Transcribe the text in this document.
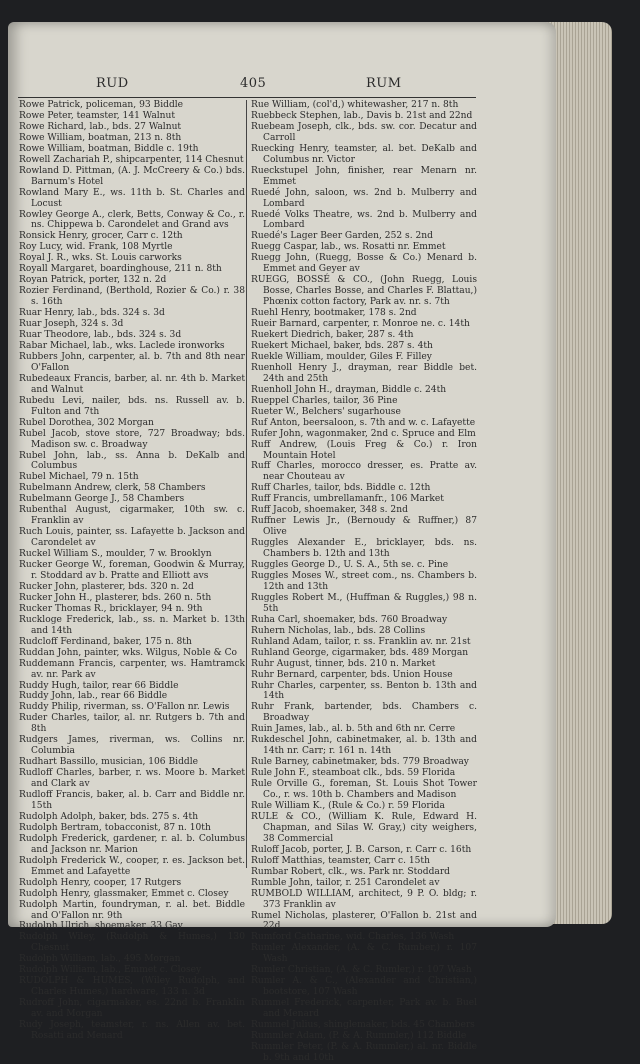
RUD	405	RUM
Rowe Patrick, policeman, 93 Biddle
Rowe Peter, teamster, 141 Walnut
Rowe Richard, lab., bds. 27 Walnut
Rowe William, boatman, 213 n. 8th
Rowe William, boatman, Biddle c. 19th
Rowell Zachariah P., shipcarpenter, 114 Chesnut
Rowland D. Pittman, (A. J. McCreery & Co.) bds. Barnum's Hotel
Rowland Mary E., ws. 11th b. St. Charles and Locust
Rowley George A., clerk, Betts, Conway & Co., r. ns. Chippewa b. Carondelet and Grand avs
Ronsick Henry, grocer, Carr c. 12th
Roy Lucy, wid. Frank, 108 Myrtle
Royal J. R., wks. St. Louis carworks
Royall Margaret, boardinghouse, 211 n. 8th
Royan Patrick, porter, 132 n. 2d
Rozier Ferdinand, (Berthold, Rozier & Co.) r. 38 s. 16th
Ruar Henry, lab., bds. 324 s. 3d
Ruar Joseph, 324 s. 3d
Ruar Theodore, lab., bds. 324 s. 3d
Rabar Michael, lab., wks. Laclede ironworks
Rubbers John, carpenter, al. b. 7th and 8th near O'Fallon
Rubedeaux Francis, barber, al. nr. 4th b. Market and Walnut
Rubedu Levi, nailer, bds. ns. Russell av. b. Fulton and 7th
Rubel Dorothea, 302 Morgan
Rubel Jacob, stove store, 727 Broadway; bds. Madison sw. c. Broadway
Rubel John, lab., ss. Anna b. DeKalb and Columbus
Rubel Michael, 79 n. 15th
Rubelmann Andrew, clerk, 58 Chambers
Rubelmann George J., 58 Chambers
Rubenthal August, cigarmaker, 10th sw. c. Franklin av
Ruch Louis, painter, ss. Lafayette b. Jackson and Carondelet av
Ruckel William S., moulder, 7 w. Brooklyn
Rucker George W., foreman, Goodwin & Murray, r. Stoddard av b. Pratte and Elliott avs
Rucker John, plasterer, bds. 320 n. 2d
Rucker John H., plasterer, bds. 260 n. 5th
Rucker Thomas R., bricklayer, 94 n. 9th
Ruckloge Frederick, lab., ss. n. Market b. 13th and 14th
Rudcloff Ferdinand, baker, 175 n. 8th
Ruddan John, painter, wks. Wilgus, Noble & Co
Ruddemann Francis, carpenter, ws. Hamtramck av. nr. Park av
Ruddy Hugh, tailor, rear 66 Biddle
Ruddy John, lab., rear 66 Biddle
Ruddy Philip, riverman, ss. O'Fallon nr. Lewis
Ruder Charles, tailor, al. nr. Rutgers b. 7th and 8th
Rudgers James, riverman, ws. Collins nr. Columbia
Rudhart Bassillo, musician, 106 Biddle
Rudloff Charles, barber, r. ws. Moore b. Market and Clark av
Rudloff Francis, baker, al. b. Carr and Biddle nr. 15th
Rudolph Adolph, baker, bds. 275 s. 4th
Rudolph Bertram, tobacconist, 87 n. 10th
Rudolph Frederick, gardener, r. al. b. Columbus and Jackson nr. Marion
Rudolph Frederick W., cooper, r. es. Jackson bet. Emmet and Lafayette
Rudolph Henry, cooper, 17 Rutgers
Rudolph Henry, glassmaker, Emmet c. Closey
Rudolph Martin, foundryman, r. al. bet. Biddle and O'Fallon nr. 9th
Rudolph Ulrich, shoemaker, 33 Gay
Rudolph Wiley, (Rudolph & Humes,) 130 Chesnut
Rudolph William, lab., 495 Morgan
Rudolph William, lab., Emmet c. Closey
RUDOLPH & HUMES, (Wiley Rudolph, and Charles Humes,) hardware, 133 n. 3d
Rudroff John, cigarmaker, es. 22nd b. Franklin av. and Morgan
Rudy Joseph, teamster, r. ns. Allen av. bet. Rosatti and Menard
Rue William, (col'd,) whitewasher, 217 n. 8th
Ruebbeck Stephen, lab., Davis b. 21st and 22nd
Ruebeam Joseph, clk., bds. sw. cor. Decatur and Carroll
Ruecking Henry, teamster, al. bet. DeKalb and Columbus nr. Victor
Rueckstupel John, finisher, rear Menarn nr. Emmet
Ruedé John, saloon, ws. 2nd b. Mulberry and Lombard
Ruedé Volks Theatre, ws. 2nd b. Mulberry and Lombard
Ruedé's Lager Beer Garden, 252 s. 2nd
Ruegg Caspar, lab., ws. Rosatti nr. Emmet
Ruegg John, (Ruegg, Bosse & Co.) Menard b. Emmet and Geyer av
RUEGG, BOSSÉ & CO., (John Ruegg, Louis Bosse, Charles Bosse, and Charles F. Blattau,) Phœnix cotton factory, Park av. nr. s. 7th
Ruehl Henry, bootmaker, 178 s. 2nd
Rueir Barnard, carpenter, r. Monroe ne. c. 14th
Ruekert Diedrich, baker, 287 s. 4th
Ruekert Michael, baker, bds. 287 s. 4th
Ruekle William, moulder, Giles F. Filley
Ruenholl Henry J., drayman, rear Biddle bet. 24th and 25th
Ruenholl John H., drayman, Biddle c. 24th
Rueppel Charles, tailor, 36 Pine
Rueter W., Belchers' sugarhouse
Ruf Anton, beersaloon, s. 7th and w. c. Lafayette
Rufer John, wagonmaker, 2nd c. Spruce and Elm
Ruff Andrew, (Louis Freg & Co.) r. Iron Mountain Hotel
Ruff Charles, morocco dresser, es. Pratte av. near Chouteau av
Ruff Charles, tailor, bds. Biddle c. 12th
Ruff Francis, umbrellamanfr., 106 Market
Ruff Jacob, shoemaker, 348 s. 2nd
Ruffner Lewis Jr., (Bernoudy & Ruffner,) 87 Olive
Ruggles Alexander E., bricklayer, bds. ns. Chambers b. 12th and 13th
Ruggles George D., U. S. A., 5th se. c. Pine
Ruggles Moses W., street com., ns. Chambers b. 12th and 13th
Ruggles Robert M., (Huffman & Ruggles,) 98 n. 5th
Ruha Carl, shoemaker, bds. 760 Broadway
Ruhern Nicholas, lab., bds. 28 Collins
Ruhland Adam, tailor, r. ss. Franklin av. nr. 21st
Ruhland George, cigarmaker, bds. 489 Morgan
Ruhr August, tinner, bds. 210 n. Market
Ruhr Bernard, carpenter, bds. Union House
Ruhr Charles, carpenter, ss. Benton b. 13th and 14th
Ruhr Frank, bartender, bds. Chambers c. Broadway
Ruin James, lab., al. b. 5th and 6th nr. Cerre
Rukdeschel John, cabinetmaker, al. b. 13th and 14th nr. Carr; r. 161 n. 14th
Rule Barney, cabinetmaker, bds. 779 Broadway
Rule John F., steamboat clk., bds. 59 Florida
Rule Orville G., foreman, St. Louis Shot Tower Co., r. ws. 10th b. Chambers and Madison
Rule William K., (Rule & Co.) r. 59 Florida
RULE & CO., (William K. Rule, Edward H. Chapman, and Silas W. Gray,) city weighers, 38 Commercial
Ruloff Jacob, porter, J. B. Carson, r. Carr c. 16th
Ruloff Matthias, teamster, Carr c. 15th
Rumbar Robert, clk., ws. Park nr. Stoddard
Rumble John, tailor, r. 251 Carondelet av
RUMBOLD WILLIAM, architect, 9 P. O. bldg; r. 373 Franklin av
Rumel Nicholas, plasterer, O'Fallon b. 21st and 22d
Rumford Catharine, wid. Charles, 136 Wash
Rumler Alexander, (A. & C. Rumber,) r. 107 Wash
Rumler Christian, (A. & C. Rumler,) r. 107 Wash
Rumler A. & C., (Alexander and Christian,) bootstore, 107 Wash
Rummel Frederick, carpenter, Park av. b. Buel and Menard
Rummel Julius, shinglemaker, bds. 45 Chambers
Rummler Adam, (P. & A. Rummler,) 112 Biddle
Rummler Peter, (P. & A. Rummler,) al. nr. Biddle b. 9th and 10th
